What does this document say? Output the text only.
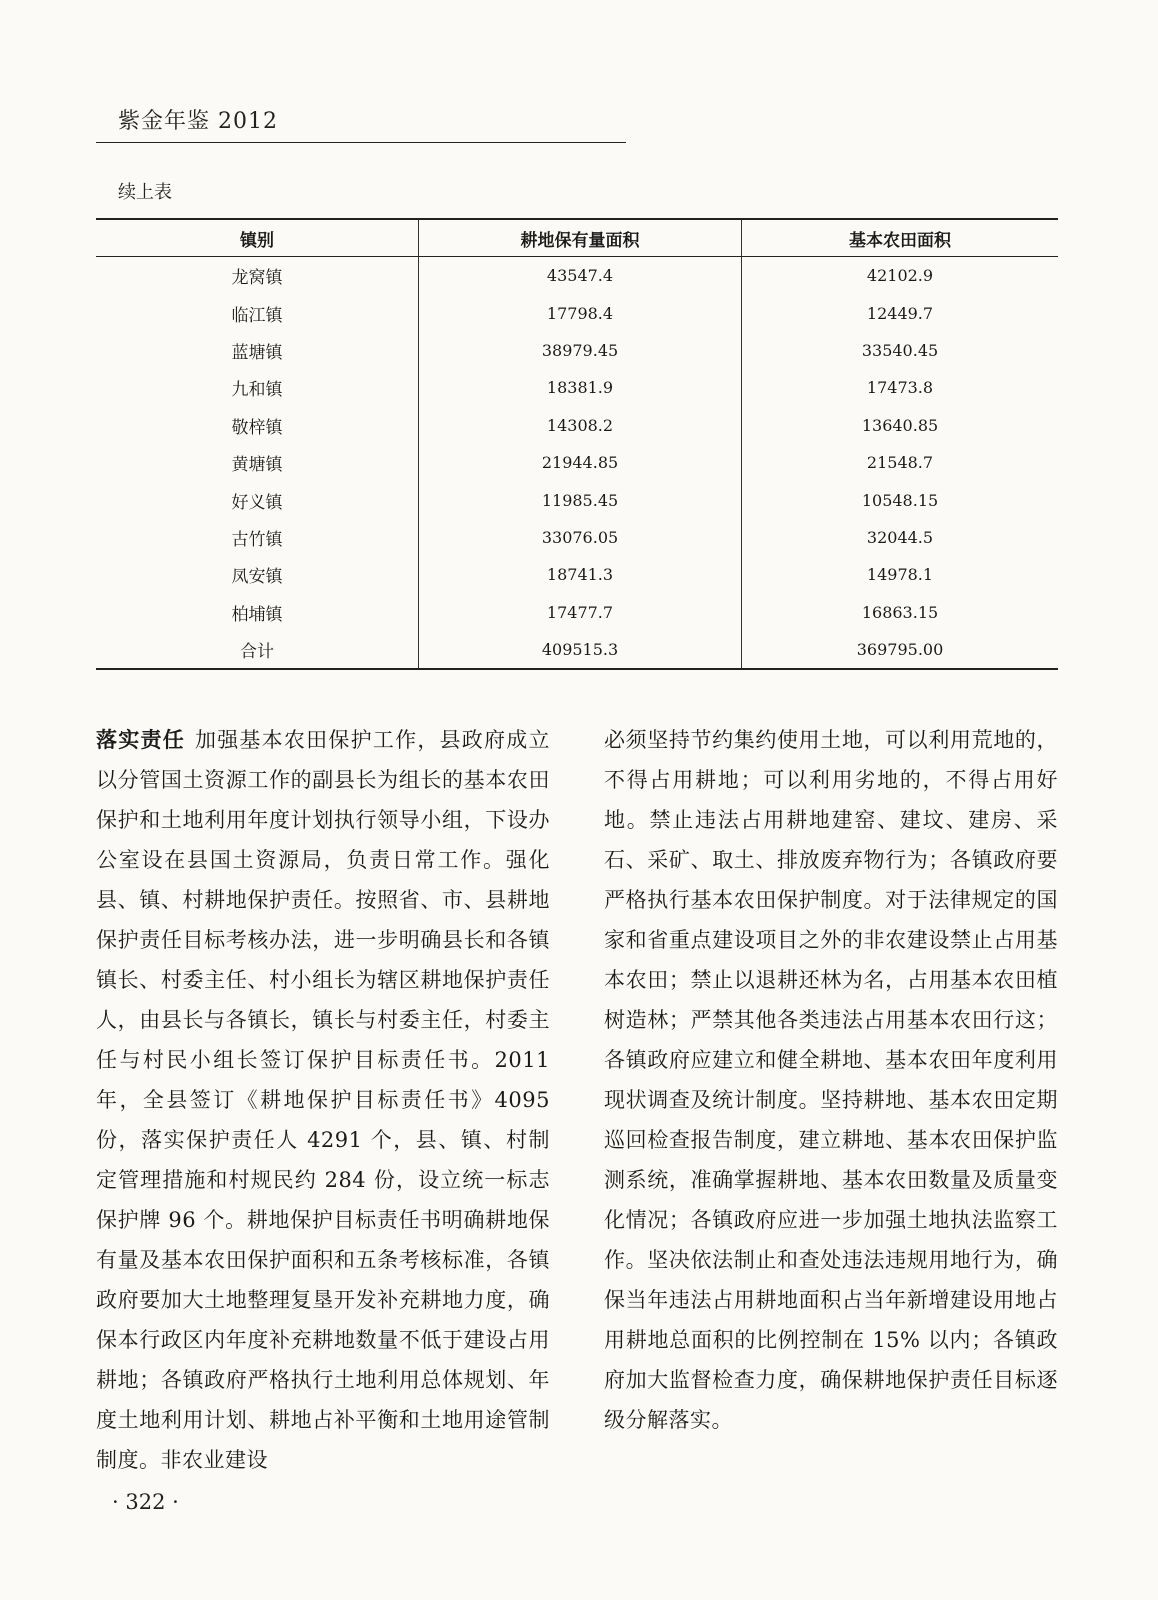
紫金年鉴 2012
续上表
镇别	耕地保有量面积	基本农田面积
龙窝镇	43547.4	42102.9
临江镇	17798.4	12449.7
蓝塘镇	38979.45	33540.45
九和镇	18381.9	17473.8
敬梓镇	14308.2	13640.85
黄塘镇	21944.85	21548.7
好义镇	11985.45	10548.15
古竹镇	33076.05	32044.5
凤安镇	18741.3	14978.1
柏埔镇	17477.7	16863.15
合计	409515.3	369795.00
落实责任 加强基本农田保护工作，县政府成立以分管国土资源工作的副县长为组长的基本农田保护和土地利用年度计划执行领导小组，下设办公室设在县国土资源局，负责日常工作。强化县、镇、村耕地保护责任。按照省、市、县耕地保护责任目标考核办法，进一步明确县长和各镇镇长、村委主任、村小组长为辖区耕地保护责任人，由县长与各镇长，镇长与村委主任，村委主任与村民小组长签订保护目标责任书。2011 年，全县签订《耕地保护目标责任书》4095 份，落实保护责任人 4291 个，县、镇、村制定管理措施和村规民约 284 份，设立统一标志保护牌 96 个。耕地保护目标责任书明确耕地保有量及基本农田保护面积和五条考核标准，各镇政府要加大土地整理复垦开发补充耕地力度，确保本行政区内年度补充耕地数量不低于建设占用耕地；各镇政府严格执行土地利用总体规划、年度土地利用计划、耕地占补平衡和土地用途管制制度。非农业建设
必须坚持节约集约使用土地，可以利用荒地的，不得占用耕地；可以利用劣地的，不得占用好地。禁止违法占用耕地建窑、建坟、建房、采石、采矿、取土、排放废弃物行为；各镇政府要严格执行基本农田保护制度。对于法律规定的国家和省重点建设项目之外的非农建设禁止占用基本农田；禁止以退耕还林为名，占用基本农田植树造林；严禁其他各类违法占用基本农田行这；各镇政府应建立和健全耕地、基本农田年度利用现状调查及统计制度。坚持耕地、基本农田定期巡回检查报告制度，建立耕地、基本农田保护监测系统，准确掌握耕地、基本农田数量及质量变化情况；各镇政府应进一步加强土地执法监察工作。坚决依法制止和查处违法违规用地行为，确保当年违法占用耕地面积占当年新增建设用地占用耕地总面积的比例控制在 15% 以内；各镇政府加大监督检查力度，确保耕地保护责任目标逐级分解落实。
· 322 ·
